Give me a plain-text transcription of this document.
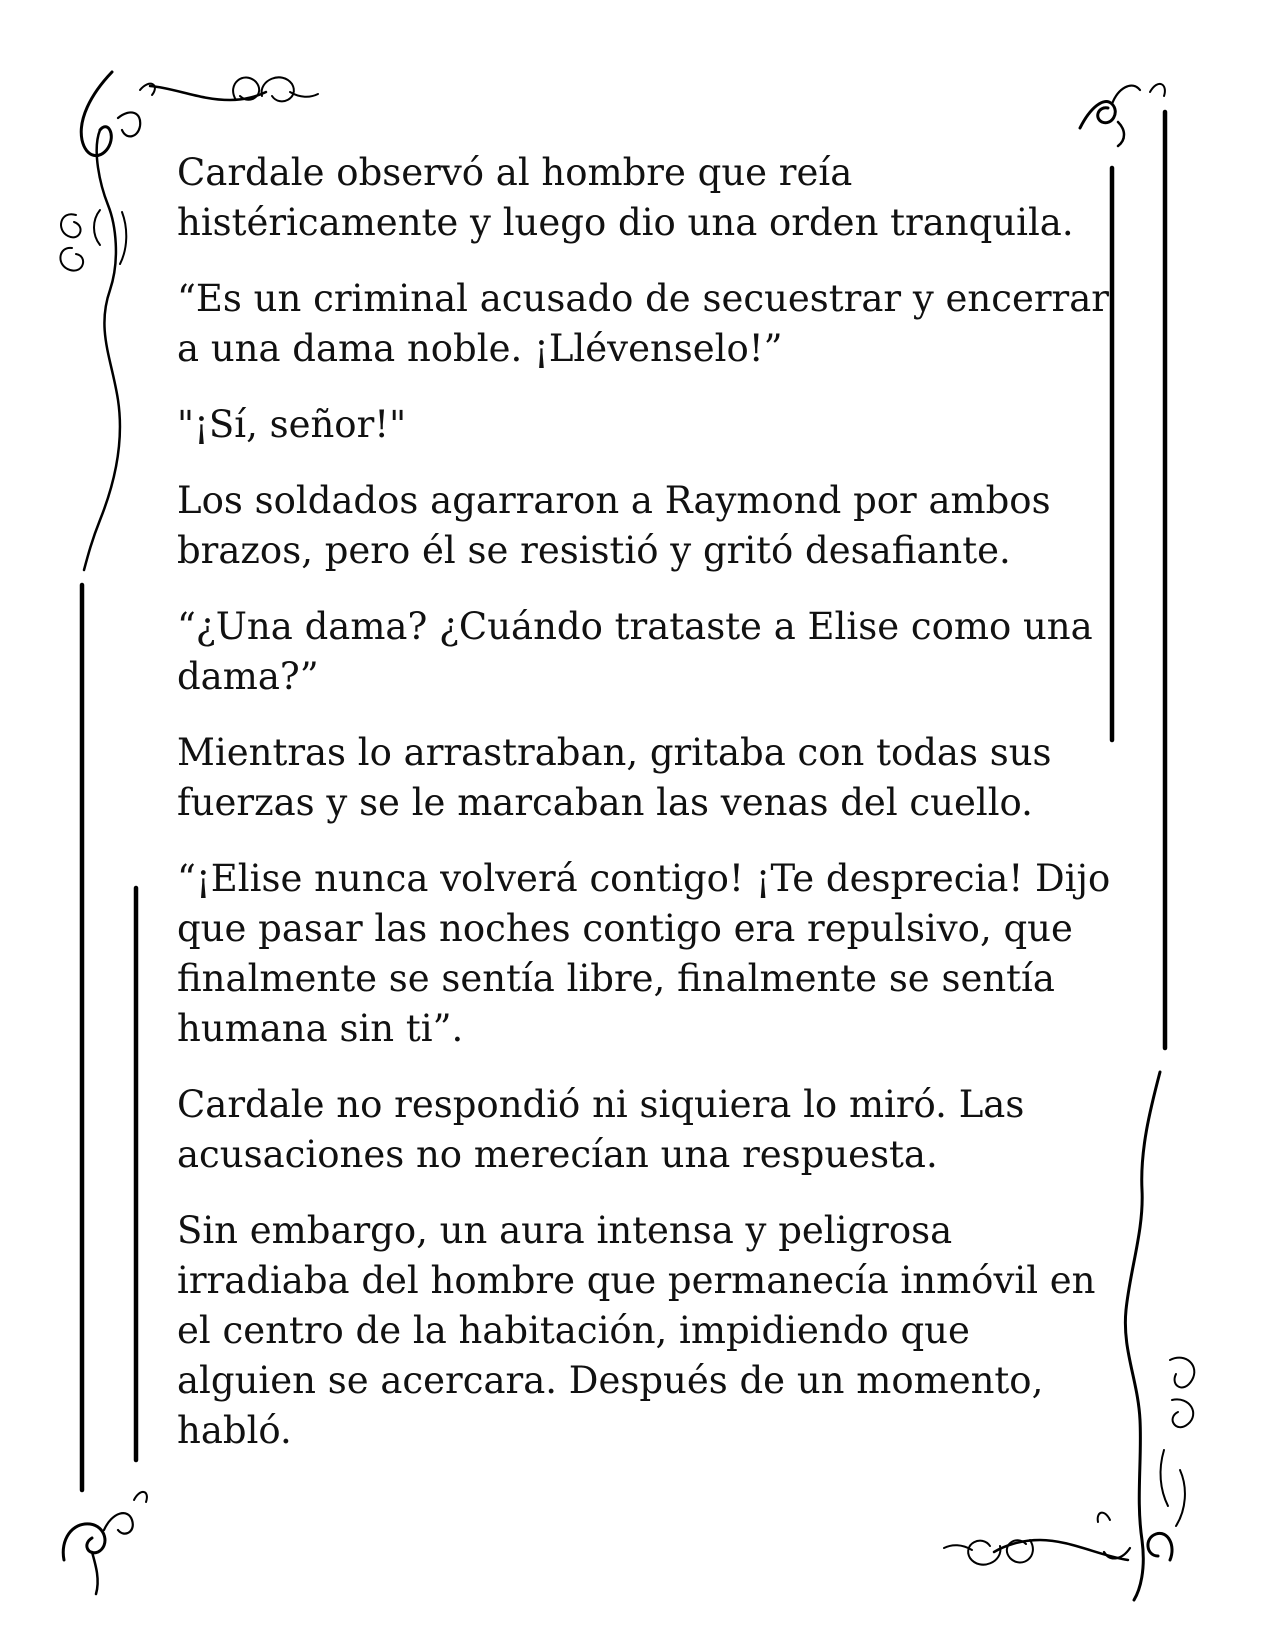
Cardale observó al hombre que reía histéricamente y luego dio una orden tranquila.

“Es un criminal acusado de secuestrar y encerrar a una dama noble. ¡Llévenselo!”

"¡Sí, señor!"

Los soldados agarraron a Raymond por ambos brazos, pero él se resistió y gritó desafiante.

“¿Una dama? ¿Cuándo trataste a Elise como una dama?”

Mientras lo arrastraban, gritaba con todas sus fuerzas y se le marcaban las venas del cuello.

“¡Elise nunca volverá contigo! ¡Te desprecia! Dijo que pasar las noches contigo era repulsivo, que finalmente se sentía libre, finalmente se sentía humana sin ti”.

Cardale no respondió ni siquiera lo miró. Las acusaciones no merecían una respuesta.

Sin embargo, un aura intensa y peligrosa irradiaba del hombre que permanecía inmóvil en el centro de la habitación, impidiendo que alguien se acercara. Después de un momento, habló.
